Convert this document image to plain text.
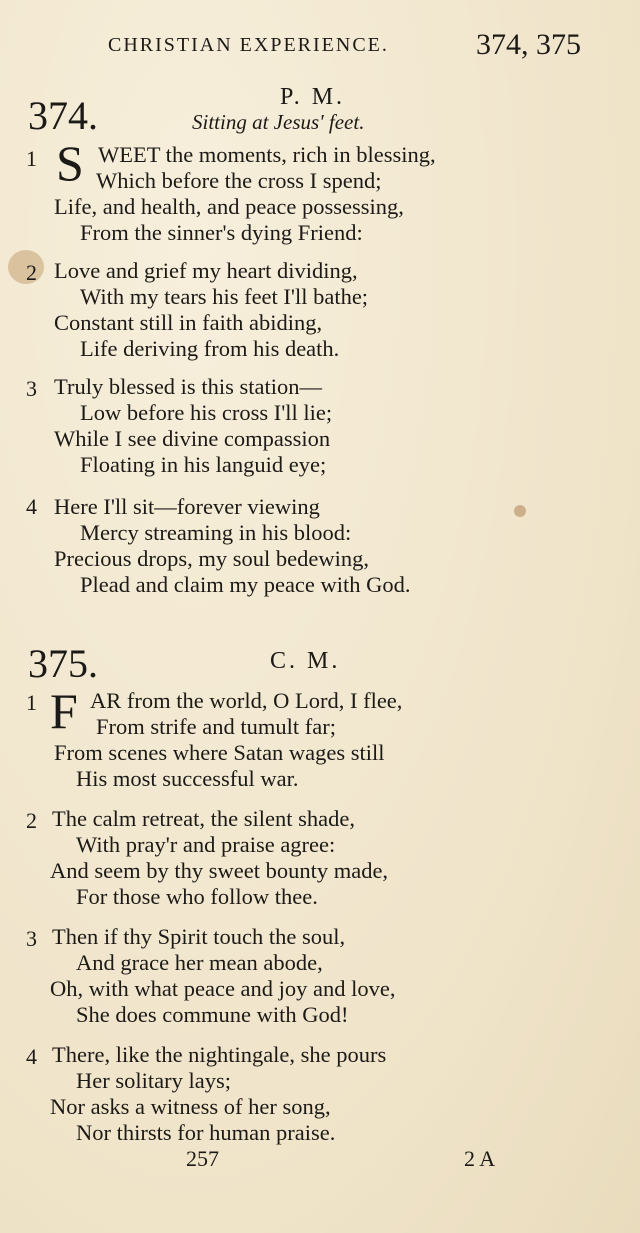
CHRISTIAN EXPERIENCE.	374, 375
374.	P. M.
Sitting at Jesus' feet.
1 S WEET the moments, rich in blessing,
Which before the cross I spend;
Life, and health, and peace possessing,
From the sinner's dying Friend:
2 Love and grief my heart dividing,
With my tears his feet I'll bathe;
Constant still in faith abiding,
Life deriving from his death.
3 Truly blessed is this station—
Low before his cross I'll lie;
While I see divine compassion
Floating in his languid eye;
4 Here I'll sit—forever viewing
Mercy streaming in his blood:
Precious drops, my soul bedewing,
Plead and claim my peace with God.
375.	C. M.
1 F AR from the world, O Lord, I flee,
From strife and tumult far;
From scenes where Satan wages still
His most successful war.
2 The calm retreat, the silent shade,
With pray'r and praise agree:
And seem by thy sweet bounty made,
For those who follow thee.
3 Then if thy Spirit touch the soul,
And grace her mean abode,
Oh, with what peace and joy and love,
She does commune with God!
4 There, like the nightingale, she pours
Her solitary lays;
Nor asks a witness of her song,
Nor thirsts for human praise.
257	2 A
